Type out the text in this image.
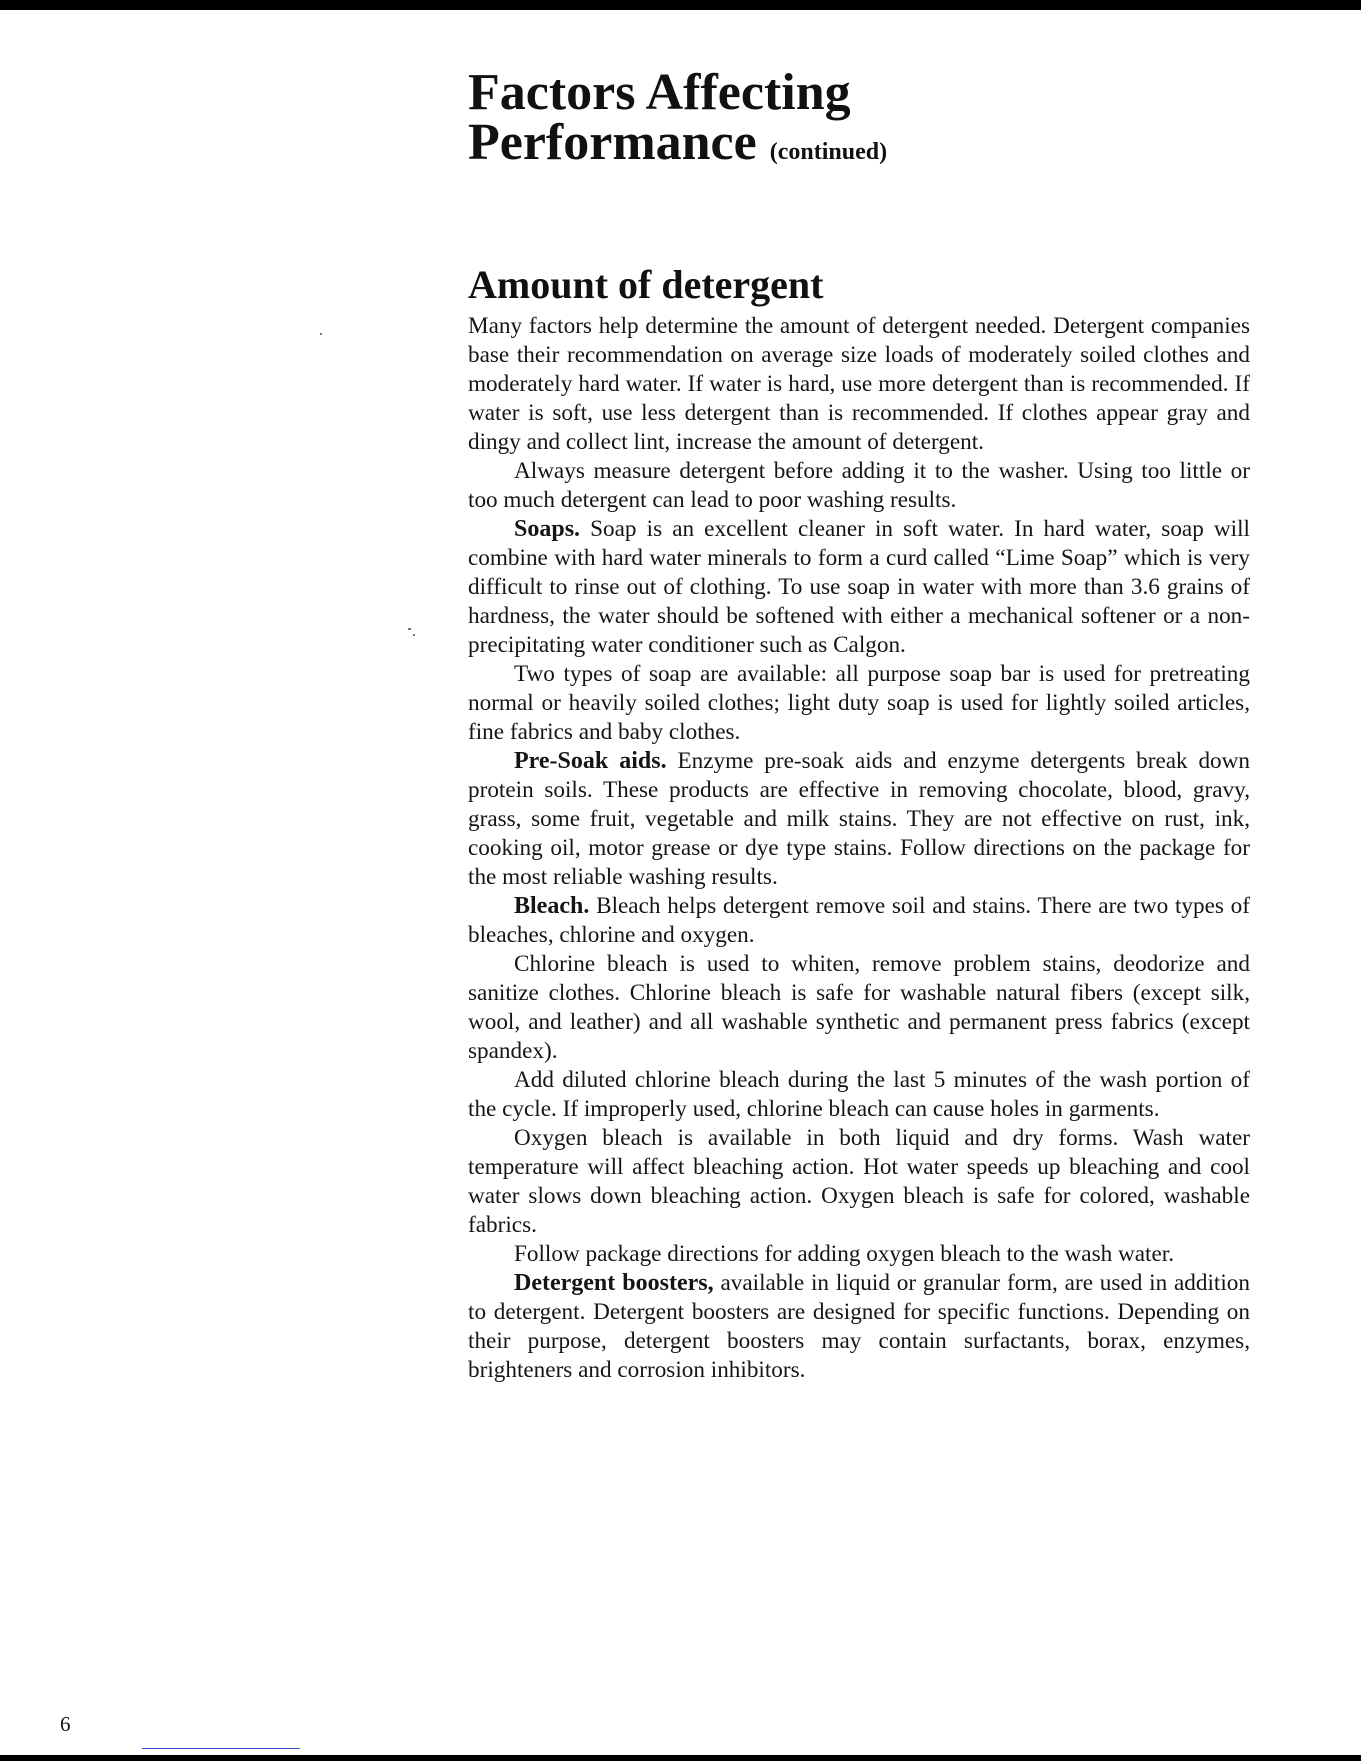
Factors Affecting
Performance (continued)
Amount of detergent

Many factors help determine the amount of detergent needed. Detergent companies base their recommendation on average size loads of moderately soiled clothes and moderately hard water. If water is hard, use more detergent than is recommended. If water is soft, use less detergent than is recommended. If clothes appear gray and dingy and collect lint, increase the amount of detergent.

Always measure detergent before adding it to the washer. Using too little or too much detergent can lead to poor washing results.

Soaps. Soap is an excellent cleaner in soft water. In hard water, soap will combine with hard water minerals to form a curd called “Lime Soap” which is very difficult to rinse out of clothing. To use soap in water with more than 3.6 grains of hardness, the water should be softened with either a mechanical softener or a non-precipitating water conditioner such as Calgon.

Two types of soap are available: all purpose soap bar is used for pretreating normal or heavily soiled clothes; light duty soap is used for lightly soiled articles, fine fabrics and baby clothes.

Pre-Soak aids. Enzyme pre-soak aids and enzyme detergents break down protein soils. These products are effective in removing chocolate, blood, gravy, grass, some fruit, vegetable and milk stains. They are not effective on rust, ink, cooking oil, motor grease or dye type stains. Follow directions on the package for the most reliable washing results.

Bleach. Bleach helps detergent remove soil and stains. There are two types of bleaches, chlorine and oxygen.

Chlorine bleach is used to whiten, remove problem stains, deodorize and sanitize clothes. Chlorine bleach is safe for washable natural fibers (except silk, wool, and leather) and all washable synthetic and permanent press fabrics (except spandex).

Add diluted chlorine bleach during the last 5 minutes of the wash portion of the cycle. If improperly used, chlorine bleach can cause holes in garments.

Oxygen bleach is available in both liquid and dry forms. Wash water temperature will affect bleaching action. Hot water speeds up bleaching and cool water slows down bleaching action. Oxygen bleach is safe for colored, washable fabrics.

Follow package directions for adding oxygen bleach to the wash water.

Detergent boosters, available in liquid or granular form, are used in addition to detergent. Detergent boosters are designed for specific functions. Depending on their purpose, detergent boosters may contain surfactants, borax, enzymes, brighteners and corrosion inhibitors.

6
